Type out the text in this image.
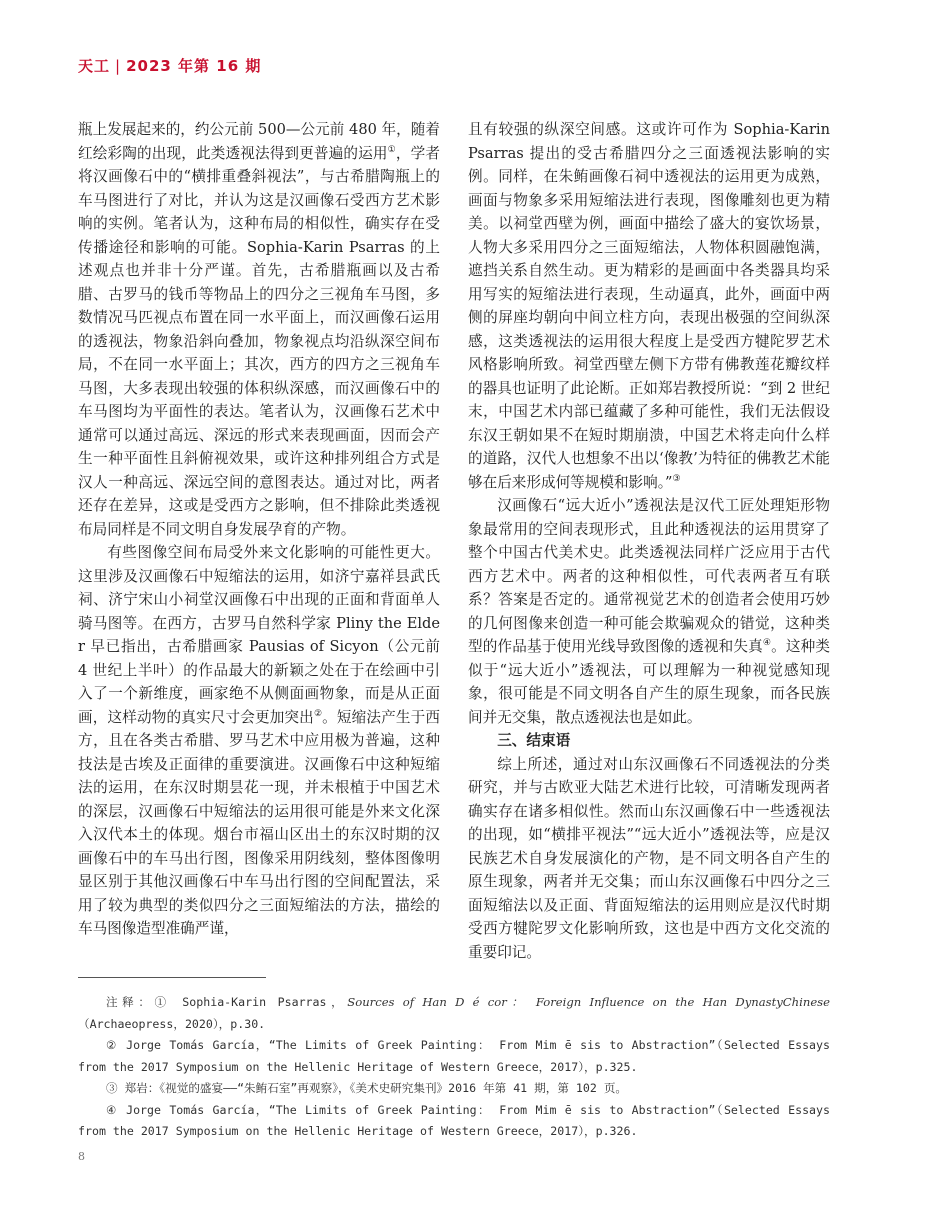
天工 | 2023 年第 16 期

瓶上发展起来的，约公元前 500—公元前 480 年，随着红绘彩陶的出现，此类透视法得到更普遍的运用①，学者将汉画像石中的“横排重叠斜视法”，与古希腊陶瓶上的车马图进行了对比，并认为这是汉画像石受西方艺术影响的实例。笔者认为，这种布局的相似性，确实存在受传播途径和影响的可能。Sophia-Karin Psarras 的上述观点也并非十分严谨。首先，古希腊瓶画以及古希腊、古罗马的钱币等物品上的四分之三视角车马图，多数情况马匹视点布置在同一水平面上，而汉画像石运用的透视法，物象沿斜向叠加，物象视点均沿纵深空间布局，不在同一水平面上；其次，西方的四方之三视角车马图，大多表现出较强的体积纵深感，而汉画像石中的车马图均为平面性的表达。笔者认为，汉画像石艺术中通常可以通过高远、深远的形式来表现画面，因而会产生一种平面性且斜俯视效果，或许这种排列组合方式是汉人一种高远、深远空间的意图表达。通过对比，两者还存在差异，这或是受西方之影响，但不排除此类透视布局同样是不同文明自身发展孕育的产物。

有些图像空间布局受外来文化影响的可能性更大。这里涉及汉画像石中短缩法的运用，如济宁嘉祥县武氏祠、济宁宋山小祠堂汉画像石中出现的正面和背面单人骑马图等。在西方，古罗马自然科学家 Pliny the Elder 早已指出，古希腊画家 Pausias of Sicyon（公元前 4 世纪上半叶）的作品最大的新颖之处在于在绘画中引入了一个新维度，画家绝不从侧面画物象，而是从正面画，这样动物的真实尺寸会更加突出②。短缩法产生于西方，且在各类古希腊、罗马艺术中应用极为普遍，这种技法是古埃及正面律的重要演进。汉画像石中这种短缩法的运用，在东汉时期昙花一现，并未根植于中国艺术的深层，汉画像石中短缩法的运用很可能是外来文化深入汉代本土的体现。烟台市福山区出土的东汉时期的汉画像石中的车马出行图，图像采用阴线刻，整体图像明显区别于其他汉画像石中车马出行图的空间配置法，采用了较为典型的类似四分之三面短缩法的方法，描绘的车马图像造型准确严谨，

且有较强的纵深空间感。这或许可作为 Sophia-Karin Psarras 提出的受古希腊四分之三面透视法影响的实例。同样，在朱鲔画像石祠中透视法的运用更为成熟，画面与物象多采用短缩法进行表现，图像雕刻也更为精美。以祠堂西壁为例，画面中描绘了盛大的宴饮场景，人物大多采用四分之三面短缩法，人物体积圆融饱满，遮挡关系自然生动。更为精彩的是画面中各类器具均采用写实的短缩法进行表现，生动逼真，此外，画面中两侧的屏座均朝向中间立柱方向，表现出极强的空间纵深感，这类透视法的运用很大程度上是受西方犍陀罗艺术风格影响所致。祠堂西壁左侧下方带有佛教莲花瓣纹样的器具也证明了此论断。正如郑岩教授所说：“到 2 世纪末，中国艺术内部已蕴藏了多种可能性，我们无法假设东汉王朝如果不在短时期崩溃，中国艺术将走向什么样的道路，汉代人也想象不出以‘像教’为特征的佛教艺术能够在后来形成何等规模和影响。”③

汉画像石“远大近小”透视法是汉代工匠处理矩形物象最常用的空间表现形式，且此种透视法的运用贯穿了整个中国古代美术史。此类透视法同样广泛应用于古代西方艺术中。两者的这种相似性，可代表两者互有联系？答案是否定的。通常视觉艺术的创造者会使用巧妙的几何图像来创造一种可能会欺骗观众的错觉，这种类型的作品基于使用光线导致图像的透视和失真④。这种类似于“远大近小”透视法，可以理解为一种视觉感知现象，很可能是不同文明各自产生的原生现象，而各民族间并无交集，散点透视法也是如此。

三、结束语

综上所述，通过对山东汉画像石不同透视法的分类研究，并与古欧亚大陆艺术进行比较，可清晰发现两者确实存在诸多相似性。然而山东汉画像石中一些透视法的出现，如“横排平视法”“远大近小”透视法等，应是汉民族艺术自身发展演化的产物，是不同文明各自产生的原生现象，两者并无交集；而山东汉画像石中四分之三面短缩法以及正面、背面短缩法的运用则应是汉代时期受西方犍陀罗文化影响所致，这也是中西方文化交流的重要印记。

注释：① Sophia-Karin Psarras，Sources of Han D é cor： Foreign Influence on the Han DynastyChinese（Archaeopress，2020），p.30.

② Jorge Tomás García，“The Limits of Greek Painting： From Mim ē sis to Abstraction”（Selected Essays from the 2017 Symposium on the Hellenic Heritage of Western Greece，2017），p.325.

③ 郑岩：《视觉的盛宴——“朱鲔石室”再观察》，《美术史研究集刊》2016 年第 41 期，第 102 页。

④ Jorge Tomás García，“The Limits of Greek Painting： From Mim ē sis to Abstraction”（Selected Essays from the 2017 Symposium on the Hellenic Heritage of Western Greece，2017），p.326.

8
